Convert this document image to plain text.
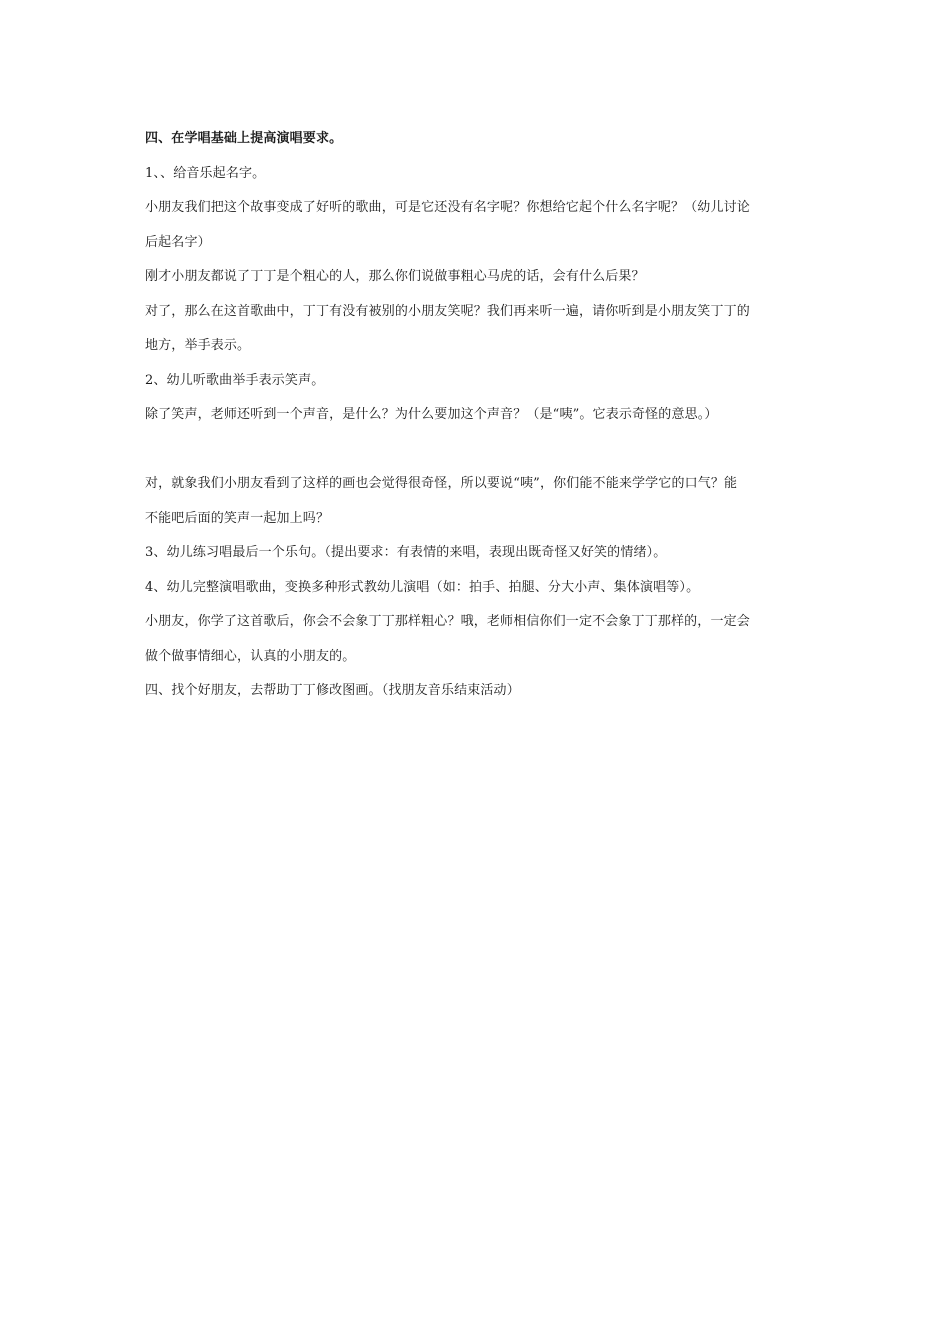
四、在学唱基础上提高演唱要求。
1、、给音乐起名字。
小朋友我们把这个故事变成了好听的歌曲，可是它还没有名字呢？你想给它起个什么名字呢？（幼儿讨论
后起名字）
刚才小朋友都说了丁丁是个粗心的人，那么你们说做事粗心马虎的话，会有什么后果？
对了，那么在这首歌曲中，丁丁有没有被别的小朋友笑呢？我们再来听一遍，请你听到是小朋友笑丁丁的
地方，举手表示。
2、幼儿听歌曲举手表示笑声。
除了笑声，老师还听到一个声音，是什么？为什么要加这个声音？（是“咦”。它表示奇怪的意思。）
对，就象我们小朋友看到了这样的画也会觉得很奇怪，所以要说“咦”，你们能不能来学学它的口气？能
不能吧后面的笑声一起加上吗？
3、幼儿练习唱最后一个乐句。（提出要求：有表情的来唱，表现出既奇怪又好笑的情绪）。
4、幼儿完整演唱歌曲，变换多种形式教幼儿演唱（如：拍手、拍腿、分大小声、集体演唱等）。
小朋友，你学了这首歌后，你会不会象丁丁那样粗心？哦，老师相信你们一定不会象丁丁那样的，一定会
做个做事情细心，认真的小朋友的。
四、找个好朋友，去帮助丁丁修改图画。（找朋友音乐结束活动）
